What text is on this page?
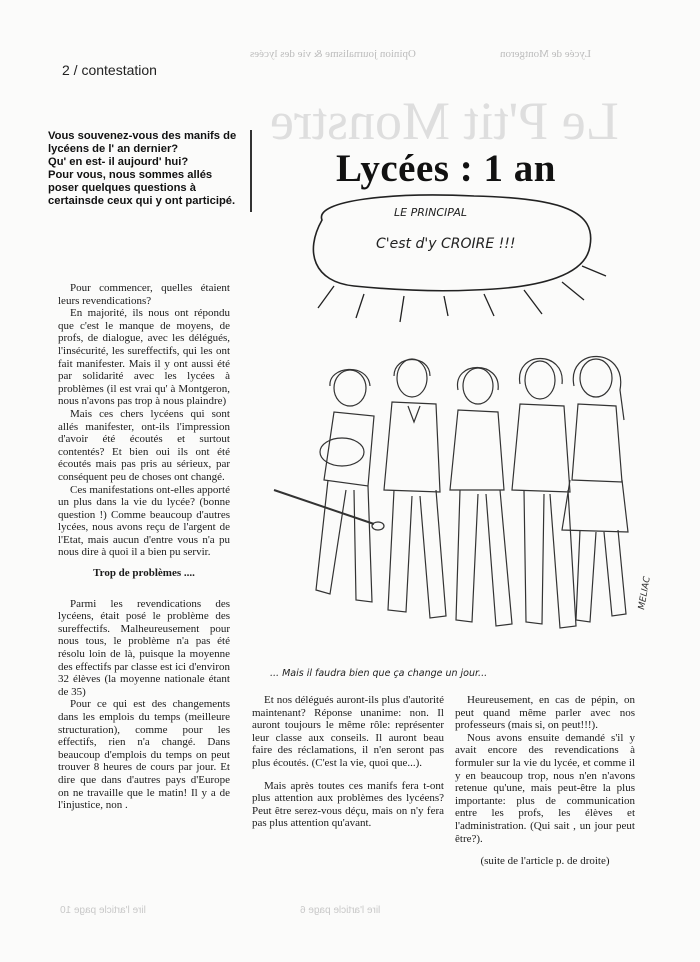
Opinion journalisme & vie des lycées	Lycée de Montgeron
Le P'tit Monstre
2 / contestation
Vous souvenez-vous des manifs de
lycéens de l' an dernier?
Qu' en est- il aujourd' hui?
Pour vous, nous sommes allés
poser quelques questions à
certainsde ceux qui y ont participé.
Lycées : 1 an
LE PRINCIPAL
C'est d'y CROIRE !!!
MELIAC
... Mais il faudra bien que ça change un jour...

Pour commencer, quelles étaient leurs revendications?

En majorité, ils nous ont répondu que c'est le manque de moyens, de profs, de dialogue, avec les délégués, l'insécurité, les sureffectifs, qui les ont fait manifester. Mais il y ont aussi été par solidarité avec les lycées à problèmes (il est vrai qu' à Montgeron, nous n'avons pas trop à nous plaindre)

Mais ces chers lycéens qui sont allés manifester, ont-ils l'impression d'avoir été écoutés et surtout contentés? Et bien oui ils ont été écoutés mais pas pris au sérieux, par conséquent peu de choses ont changé.

Ces manifestations ont-elles apporté un plus dans la vie du lycée? (bonne question !) Comme beaucoup d'autres lycées, nous avons reçu de l'argent de l'Etat, mais aucun d'entre vous n'a pu nous dire à quoi il a bien pu servir.

Trop de problèmes ....

Parmi les revendications des lycéens, était posé le problème des sureffectifs. Malheureusement pour nous tous, le problème n'a pas été résolu loin de là, puisque la moyenne des effectifs par classe est ici d'environ 32 élèves (la moyenne nationale étant de 35)

Pour ce qui est des changements dans les emplois du temps (meilleure structuration), comme pour les effectifs, rien n'a changé. Dans beaucoup d'emplois du temps on peut trouver 8 heures de cours par jour. Et dire que dans d'autres pays d'Europe on ne travaille que le matin! Il y a de l'injustice, non .

Et nos délégués auront-ils plus d'autorité maintenant? Réponse unanime: non. Il auront toujours le même rôle: représenter leur classe aux conseils. Il auront beau faire des réclamations, il n'en seront pas plus écoutés. (C'est la vie, quoi que...).

Mais après toutes ces manifs fera t-ont plus attention aux problèmes des lycéens? Peut être serez-vous déçu, mais on n'y fera pas plus attention qu'avant.

Heureusement, en cas de pépin, on peut quand même parler avec nos professeurs (mais si, on peut!!!).

Nous avons ensuite demandé s'il y avait encore des revendications à formuler sur la vie du lycée, et comme il y en beaucoup trop, nous n'en n'avons retenue qu'une, mais peut-être la plus importante: plus de communication entre les profs, les élèves et l'administration. (Qui sait , un jour peut être?).

(suite de l'article p. de droite)

lire l'article page 10	lire l'article page 6
